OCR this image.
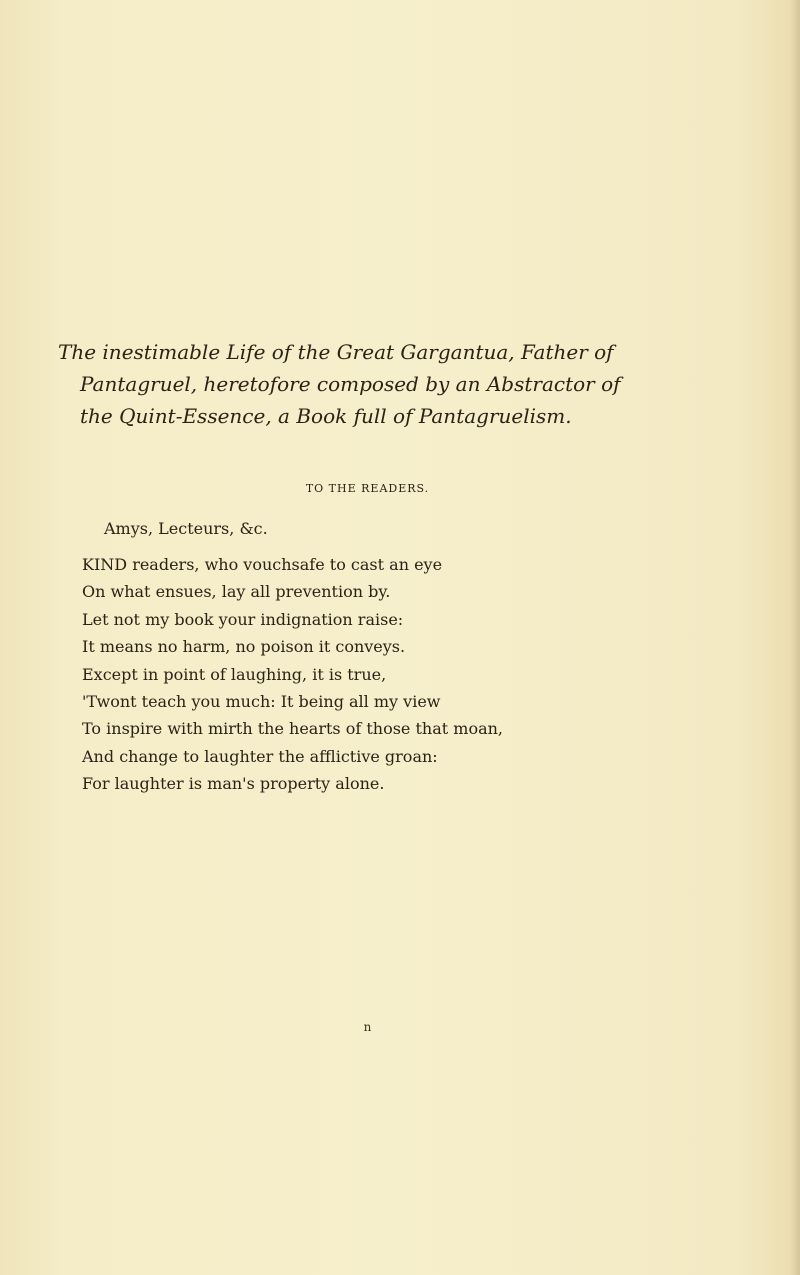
The inestimable Life of the Great Gargantua, Father of
Pantagruel, heretofore composed by an Abstractor of
the Quint-Essence, a Book full of Pantagruelism.
TO THE READERS.
Amys, Lecteurs, &c.
KIND readers, who vouchsafe to cast an eye
On what ensues, lay all prevention by.
Let not my book your indignation raise:
It means no harm, no poison it conveys.
Except in point of laughing, it is true,
'Twont teach you much: It being all my view
To inspire with mirth the hearts of those that moan,
And change to laughter the afflictive groan:
For laughter is man's property alone.
n
